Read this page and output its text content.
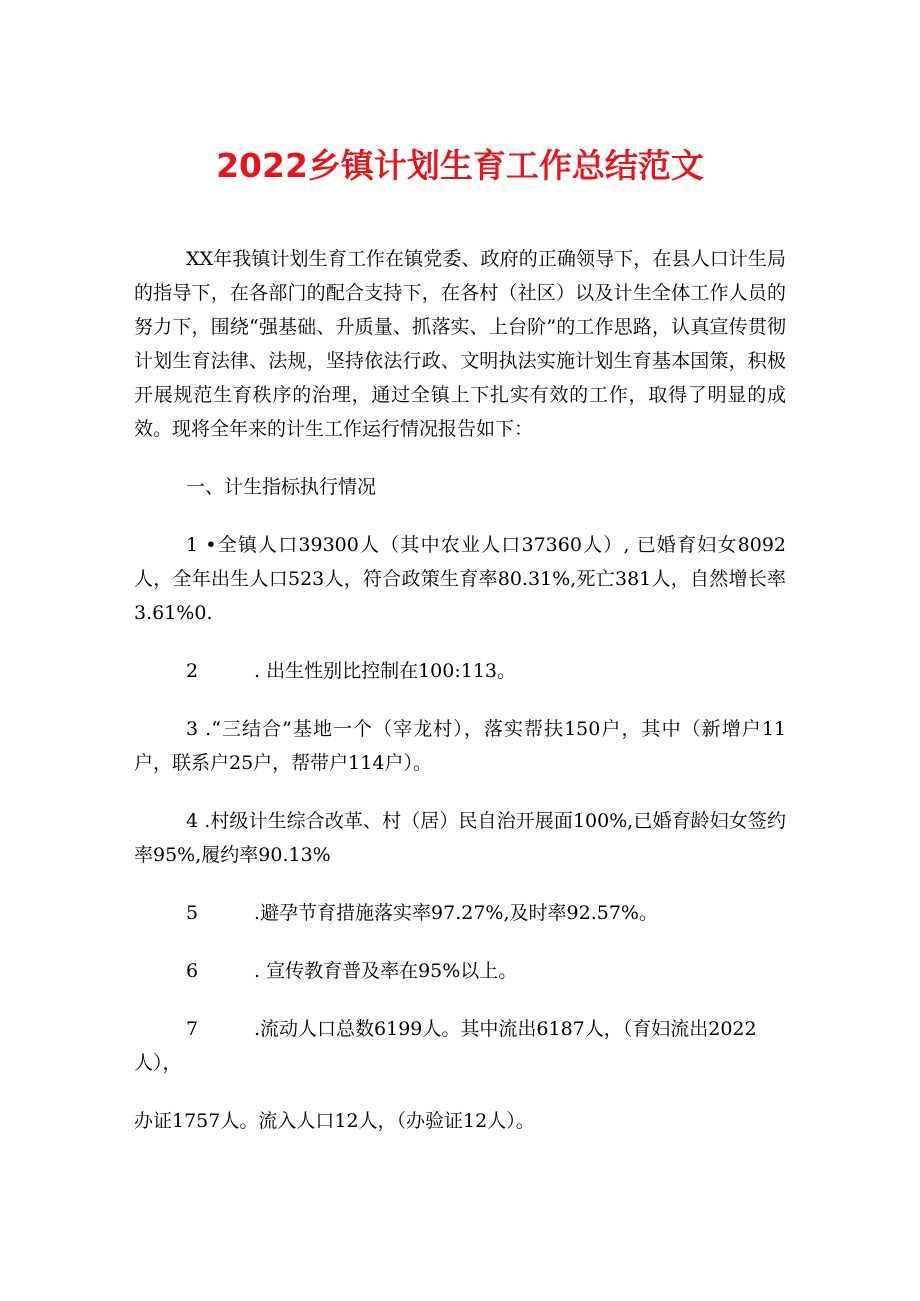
2022乡镇计划生育工作总结范文

XX年我镇计划生育工作在镇党委、政府的正确领导下，在县人口计生局的指导下，在各部门的配合支持下，在各村（社区）以及计生全体工作人员的努力下，围绕“强基础、升质量、抓落实、上台阶”的工作思路，认真宣传贯彻计划生育法律、法规，坚持依法行政、文明执法实施计划生育基本国策，积极开展规范生育秩序的治理，通过全镇上下扎实有效的工作，取得了明显的成效。现将全年来的计生工作运行情况报告如下：

一、计生指标执行情况

1 •全镇人口39300人（其中农业人口37360人）, 已婚育妇女8092人，全年出生人口523人，符合政策生育率80.31%,死亡381人，自然增长率3.61%0.

2	. 出生性别比控制在100:113。

3 .“三结合”基地一个（宰龙村），落实帮扶150户，其中（新增户11户，联系户25户，帮带户114户）。

4 .村级计生综合改革、村（居）民自治开展面100%,已婚育龄妇女签约率95%,履约率90.13%

5	.避孕节育措施落实率97.27%,及时率92.57%。
6	. 宣传教育普及率在95%以上。
7	.流动人口总数6199人。其中流出6187人，（育妇流出2022
人），
办证1757人。流入人口12人，（办验证12人）。
